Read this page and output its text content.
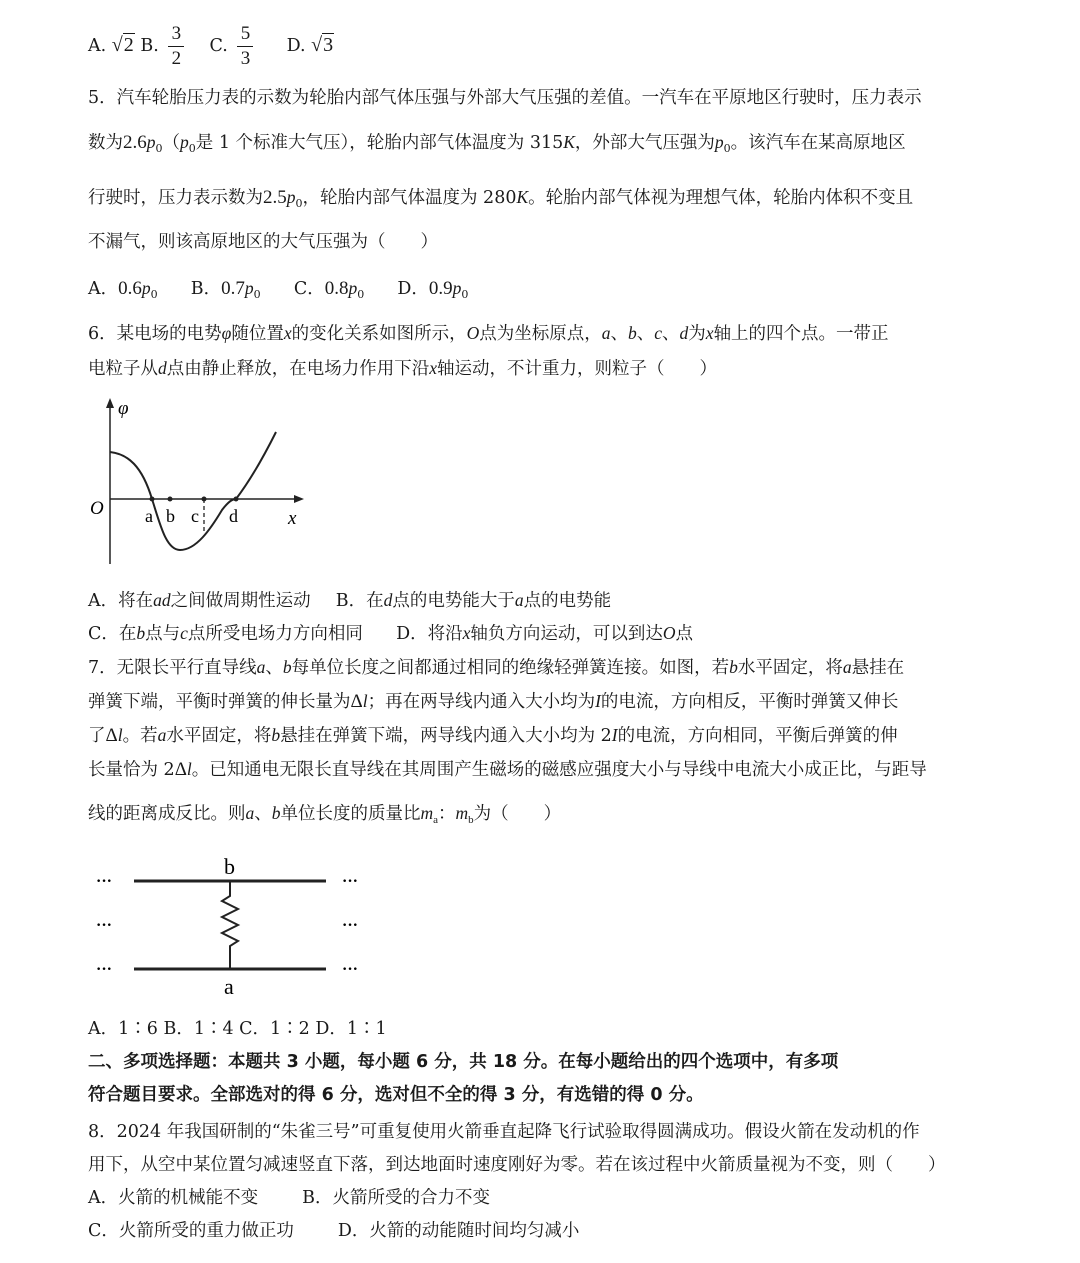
A. √2 B. $\frac{3}{2} C$. $\frac{5}{3} D$. √3
5．汽车轮胎压力表的示数为轮胎内部气体压强与外部大气压强的差值。一汽车在平原地区行驶时，压力表示
数为$2.6p_0(p_0$是 1 个标准大气压），轮胎内部气体温度为 315K，外部大气压强为$p_0$。该汽车在某高原地区
行驶时，压力表示数为$2.5p_0$，轮胎内部气体温度为 280K。轮胎内部气体视为理想气体，轮胎内体积不变且
不漏气，则该高原地区的大气压强为（　　）
A．$0.6p_0$ B．$0.7p_0$ C．$0.8p_0$ D．$0.9p_0$
6．某电场的电势φ随位置x的变化关系如图所示，O点为坐标原点，a、b、c、d为x轴上的四个点。一带正
电粒子从d点由静止释放，在电场力作用下沿x轴运动，不计重力，则粒子（　　）
φ
x
O a b c d
A．将在ad之间做周期性运动 B．在d点的电势能大于a点的电势能
C．在b点与c点所受电场力方向相同 D．将沿x轴负方向运动，可以到达O点
7．无限长平行直导线a、b每单位长度之间都通过相同的绝缘轻弹簧连接。如图，若b水平固定，将a悬挂在
弹簧下端，平衡时弹簧的伸长量为Δl；再在两导线内通入大小均为I的电流，方向相反，平衡时弹簧又伸长
了Δl。若a水平固定，将b悬挂在弹簧下端，两导线内通入大小均为 2I的电流，方向相同，平衡后弹簧的伸
长量恰为 2Δl。已知通电无限长直导线在其周围产生磁场的磁感应强度大小与导线中电流大小成正比，与距导
线的距离成反比。则a、b单位长度的质量比$m_a$：$m_b$为（　　）
b
a
···
···
···
···
···
···
A．1∶6 B．1∶4 C．1∶2 D．1∶1
二、多项选择题：本题共 3 小题，每小题 6 分，共 18 分。在每小题给出的四个选项中，有多项
符合题目要求。全部选对的得 6 分，选对但不全的得 3 分，有选错的得 0 分。
8．2024 年我国研制的“朱雀三号”可重复使用火箭垂直起降飞行试验取得圆满成功。假设火箭在发动机的作
用下，从空中某位置匀减速竖直下落，到达地面时速度刚好为零。若在该过程中火箭质量视为不变，则（　　）
A．火箭的机械能不变	B．火箭所受的合力不变
C．火箭所受的重力做正功	D．火箭的动能随时间均匀减小
